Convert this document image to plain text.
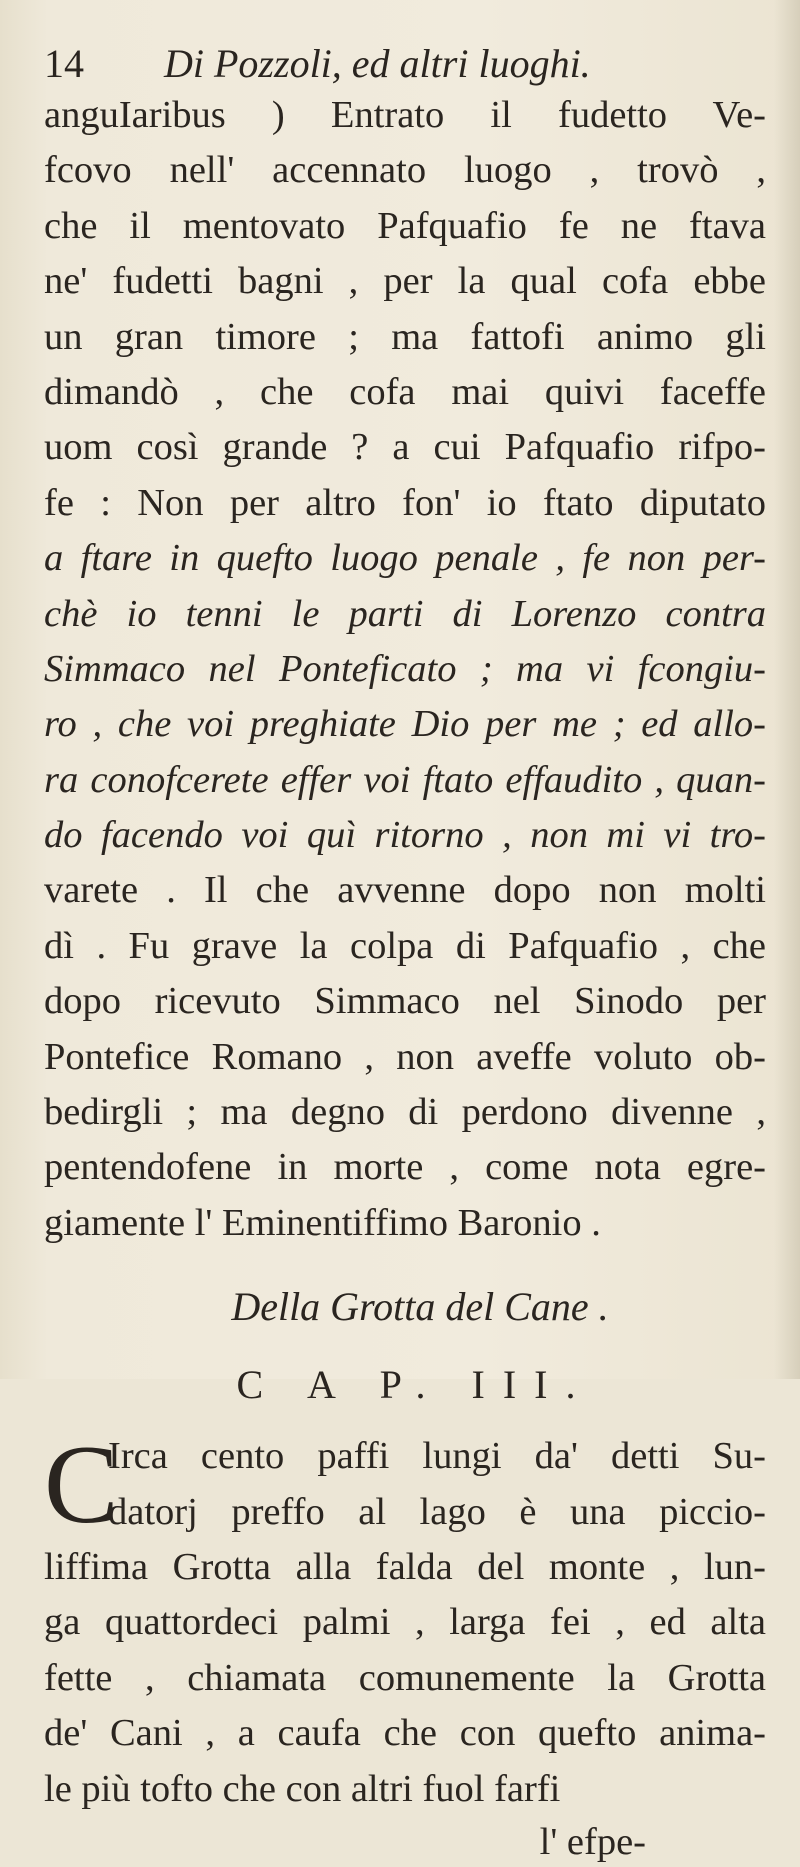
14	Di Pozzoli, ed altri luoghi.
anguIaribus ) Entrato il fudetto Ve-
fcovo nell' accennato luogo , trovò ,
che il mentovato Pafquafio fe ne ftava
ne' fudetti bagni , per la qual cofa ebbe
un gran timore ; ma fattofi animo gli
dimandò , che cofa mai quivi faceffe
uom così grande ? a cui Pafquafio rifpo-
fe : Non per altro fon' io ftato diputato
a ftare in quefto luogo penale , fe non per-
chè io tenni le parti di Lorenzo contra
Simmaco nel Ponteficato ; ma vi fcongiu-
ro , che voi preghiate Dio per me ; ed allo-
ra conofcerete effer voi ftato effaudito , quan-
do facendo voi quì ritorno , non mi vi tro-
varete . Il che avvenne dopo non molti
dì . Fu grave la colpa di Pafquafio , che
dopo ricevuto Simmaco nel Sinodo per
Pontefice Romano , non aveffe voluto ob-
bedirgli ; ma degno di perdono divenne ,
pentendofene in morte , come nota egre-
giamente l' Eminentiffimo Baronio .
Della Grotta del Cane .
C A P. III.
C
Irca cento paffi lungi da' detti Su-
datorj preffo al lago è una piccio-
liffima Grotta alla falda del monte , lun-
ga quattordeci palmi , larga fei , ed alta
fette , chiamata comunemente la Grotta
de' Cani , a caufa che con quefto anima-
le più tofto che con altri fuol farfi
l' efpe-
